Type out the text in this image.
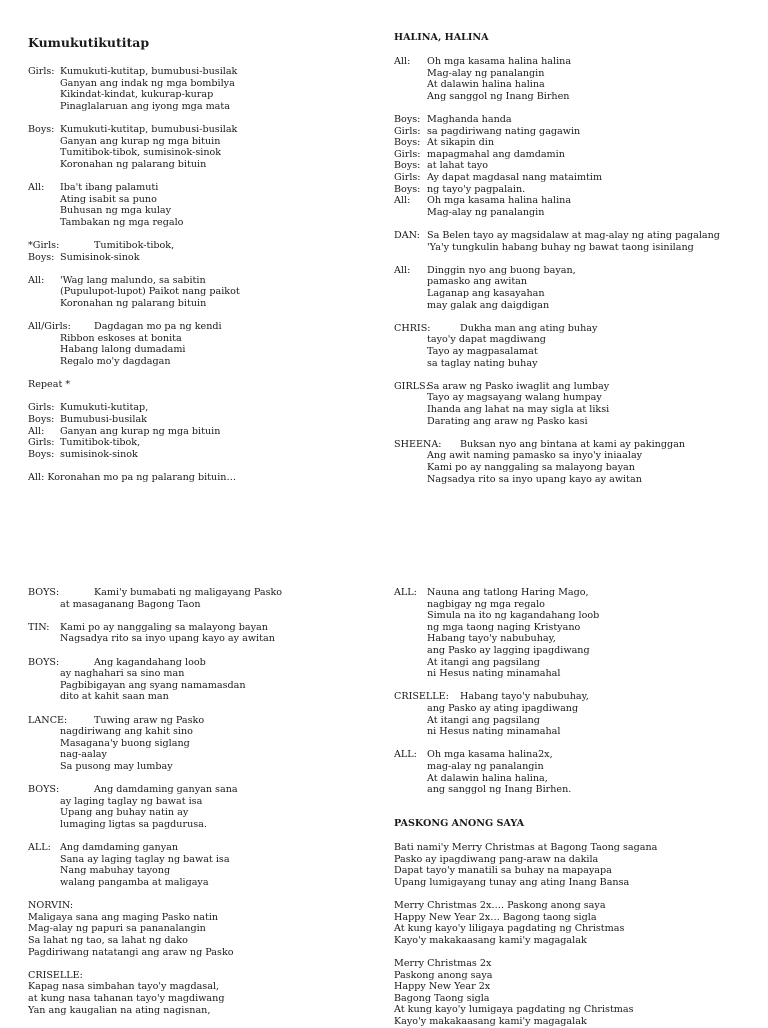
Kumukutikutitap
Girls: Kumukuti-kutitap, bumubusi-busilak
Ganyan ang indak ng mga bombilya
Kikindat-kindat, kukurap-kurap
Pinaglalaruan ang iyong mga mata
Boys: Kumukuti-kutitap, bumubusi-busilak
Ganyan ang kurap ng mga bituin
Tumitibok-tibok, sumisinok-sinok
Koronahan ng palarang bituin
All: Iba't ibang palamuti
Ating isabit sa puno
Buhusan ng mga kulay
Tambakan ng mga regalo
*Girls:	Tumitibok-tibok,
Boys: Sumisinok-sinok
All: 'Wag lang malundo, sa sabitin
(Pupulupot-lupot) Paikot nang paikot
Koronahan ng palarang bituin
All/Girls: Dagdagan mo pa ng kendi
Ribbon eskoses at bonita
Habang lalong dumadami
Regalo mo'y dagdagan
Repeat *
Girls: Kumukuti-kutitap,
Boys: Bumubusi-busilak
All: Ganyan ang kurap ng mga bituin
Girls: Tumitibok-tibok,
Boys: sumisinok-sinok
All: Koronahan mo pa ng palarang bituin…
HALINA, HALINA
All: Oh mga kasama halina halina
Mag-alay ng panalangin
At dalawin halina halina
Ang sanggol ng Inang Birhen
Boys: Maghanda handa
Girls: sa pagdiriwang nating gagawin
Boys: At sikapin din
Girls: mapagmahal ang damdamin
Boys: at lahat tayo
Girls: Ay dapat magdasal nang mataimtim
Boys: ng tayo'y pagpalain.
All: Oh mga kasama halina halina
Mag-alay ng panalangin
DAN: Sa Belen tayo ay magsidalaw at mag-alay ng ating pagalang
'Ya'y tungkulin habang buhay ng bawat taong isinilang
All: Dinggin nyo ang buong bayan,
pamasko ang awitan
Laganap ang kasayahan
may galak ang daigdigan
CHRIS:	Dukha man ang ating buhay
tayo'y dapat magdiwang
Tayo ay magpasalamat
sa taglay nating buhay
GIRLS:
Sa araw ng Pasko iwaglit ang lumbay
Tayo ay magsayang walang humpay
Ihanda ang lahat na may sigla at liksi
Darating ang araw ng Pasko kasi
SHEENA: Buksan nyo ang bintana at kami ay pakinggan
Ang awit naming pamasko sa inyo'y iniaalay
Kami po ay nanggaling sa malayong bayan
Nagsadya rito sa inyo upang kayo ay awitan
BOYS:	Kami'y bumabati ng maligayang Pasko
at masaganang Bagong Taon
TIN: Kami po ay nanggaling sa malayong bayan
Nagsadya rito sa inyo upang kayo ay awitan
BOYS:	Ang kagandahang loob
ay naghahari sa sino man
Pagbibigayan ang syang namamasdan
dito at kahit saan man
LANCE:	Tuwing araw ng Pasko
nagdiriwang ang kahit sino
Masagana'y buong siglang
nag-aalay
Sa pusong may lumbay
BOYS:	Ang damdaming ganyan sana
ay laging taglay ng bawat isa
Upang ang buhay natin ay
lumaging ligtas sa pagdurusa.
ALL: Ang damdaming ganyan
Sana ay laging taglay ng bawat isa
Nang mabuhay tayong
walang pangamba at maligaya
NORVIN:
Maligaya sana ang maging Pasko natin
Mag-alay ng papuri sa pananalangin
Sa lahat ng tao, sa lahat ng dako
Pagdiriwang natatangi ang araw ng Pasko
CRISELLE:
Kapag nasa simbahan tayo'y magdasal,
at kung nasa tahanan tayo'y magdiwang
Yan ang kaugalian na ating nagisnan,
ALL: Nauna ang tatlong Haring Mago,
nagbigay ng mga regalo
Simula na ito ng kagandahang loob
ng mga taong naging Kristyano
Habang tayo'y nabubuhay,
ang Pasko ay lagging ipagdiwang
At itangi ang pagsilang
ni Hesus nating minamahal
CRISELLE: Habang tayo'y nabubuhay,
ang Pasko ay ating ipagdiwang
At itangi ang pagsilang
ni Hesus nating minamahal
ALL: Oh mga kasama halina2x,
mag-alay ng panalangin
At dalawin halina halina,
ang sanggol ng Inang Birhen.
PASKONG ANONG SAYA
Bati nami'y Merry Christmas at Bagong Taong sagana
Pasko ay ipagdiwang pang-araw na dakila
Dapat tayo'y manatili sa buhay na mapayapa
Upang lumigayang tunay ang ating Inang Bansa
Merry Christmas 2x…. Paskong anong saya
Happy New Year 2x… Bagong taong sigla
At kung kayo'y liligaya pagdating ng Christmas
Kayo'y makakaasang kami'y magagalak
Merry Christmas 2x
Paskong anong saya
Happy New Year 2x
Bagong Taong sigla
At kung kayo'y lumigaya pagdating ng Christmas
Kayo'y makakaasang kami'y magagalak
